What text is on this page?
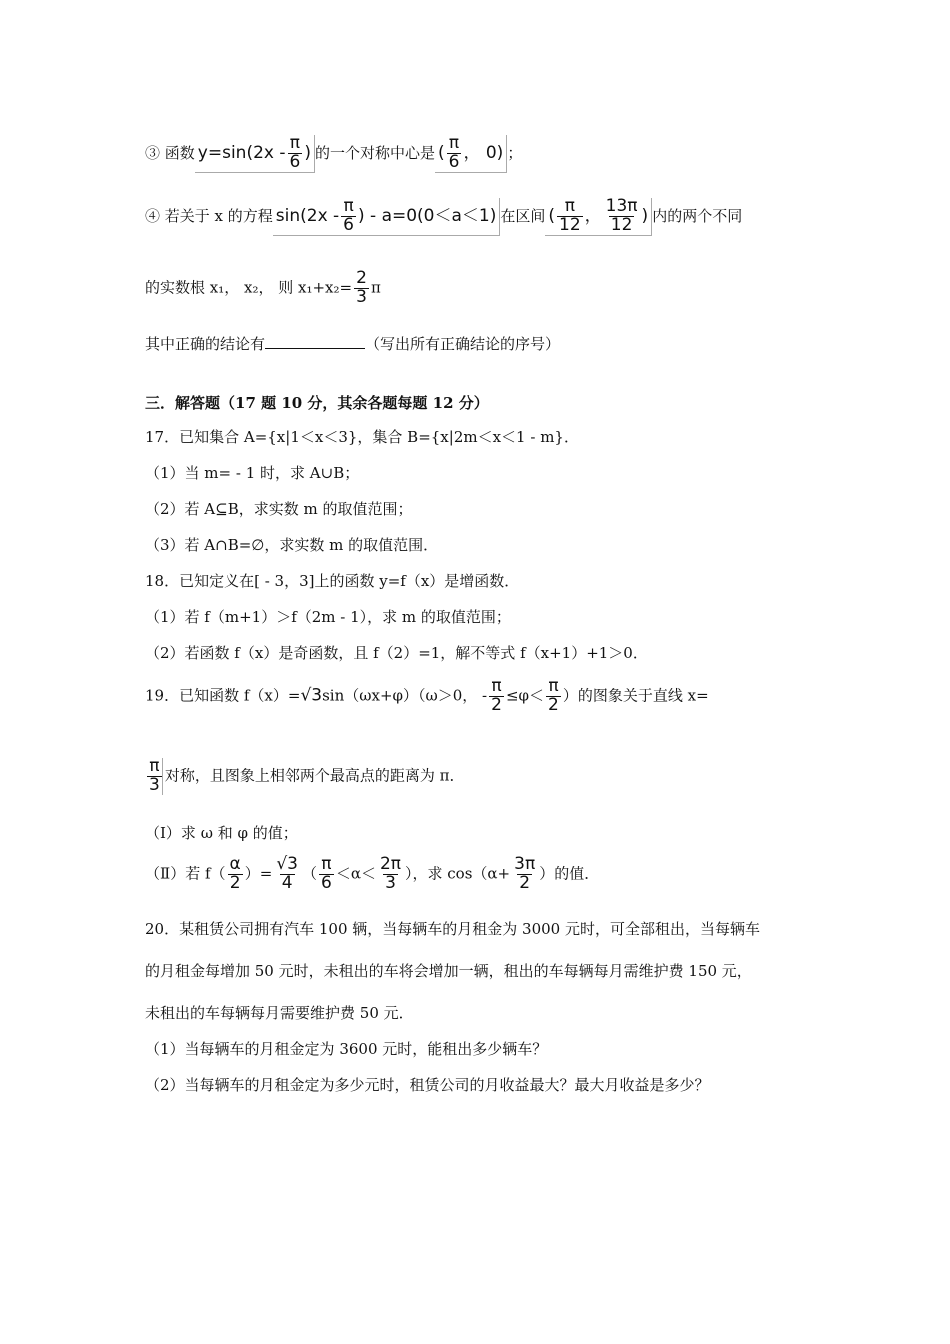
③ 函数 $y=\sin(2x - \frac{\pi}{6}$ ) 的一个对称中心是 ( $\frac{\pi}{6}$ ， 0) ；
④ 若关于 x 的方程 $\sin(2x - \frac{\pi}{6}$ ) - a=0(0＜a＜1) 在区间 ( $\frac{\pi}{12}$ ， $\frac{13\pi}{12}$ ) 内的两个不同
的实数根 x₁， x₂， 则 $x_1+x_2= \frac{2}{3}$ π
其中正确的结论有	（写出所有正确结论的序号）
三．解答题（17 题 10 分，其余各题每题 12 分）
17．已知集合 A={x|1＜x＜3}，集合 B={x|2m＜x＜1 - m}．
（1）当 m= - 1 时，求 A∪B；
（2）若 A⊆B，求实数 m 的取值范围；
（3）若 A∩B=∅，求实数 m 的取值范围．
18．已知定义在[ - 3，3]上的函数 y=f（x）是增函数．
（1）若 f（m+1）＞f（2m - 1），求 m 的取值范围；
（2）若函数 f（x）是奇函数，且 f（2）=1，解不等式 f（x+1）+1＞0．
19．已知函数 f（x）=√3sin（ωx+φ）（ω＞0， - $\frac{\pi}{2} \le\varphi< \frac{\pi}{2}$ ）的图象关于直线 x=
$\frac{\pi}{3}$ 对称，且图象上相邻两个最高点的距离为 π．
（Ⅰ）求 ω 和 φ 的值；
（Ⅱ）若 $f( \frac{\alpha}{2}$ ）= $\frac{√3}{4}$ （ $\frac{\pi}{6} <\alpha< \frac{2\pi}{3}$ ），求 $\cos(\alpha+ \frac{3\pi}{2}$ ）的值．
20．某租赁公司拥有汽车 100 辆，当每辆车的月租金为 3000 元时，可全部租出，当每辆车
的月租金每增加 50 元时，未租出的车将会增加一辆，租出的车每辆每月需维护费 150 元，
未租出的车每辆每月需要维护费 50 元．
（1）当每辆车的月租金定为 3600 元时，能租出多少辆车？
（2）当每辆车的月租金定为多少元时，租赁公司的月收益最大？最大月收益是多少？
